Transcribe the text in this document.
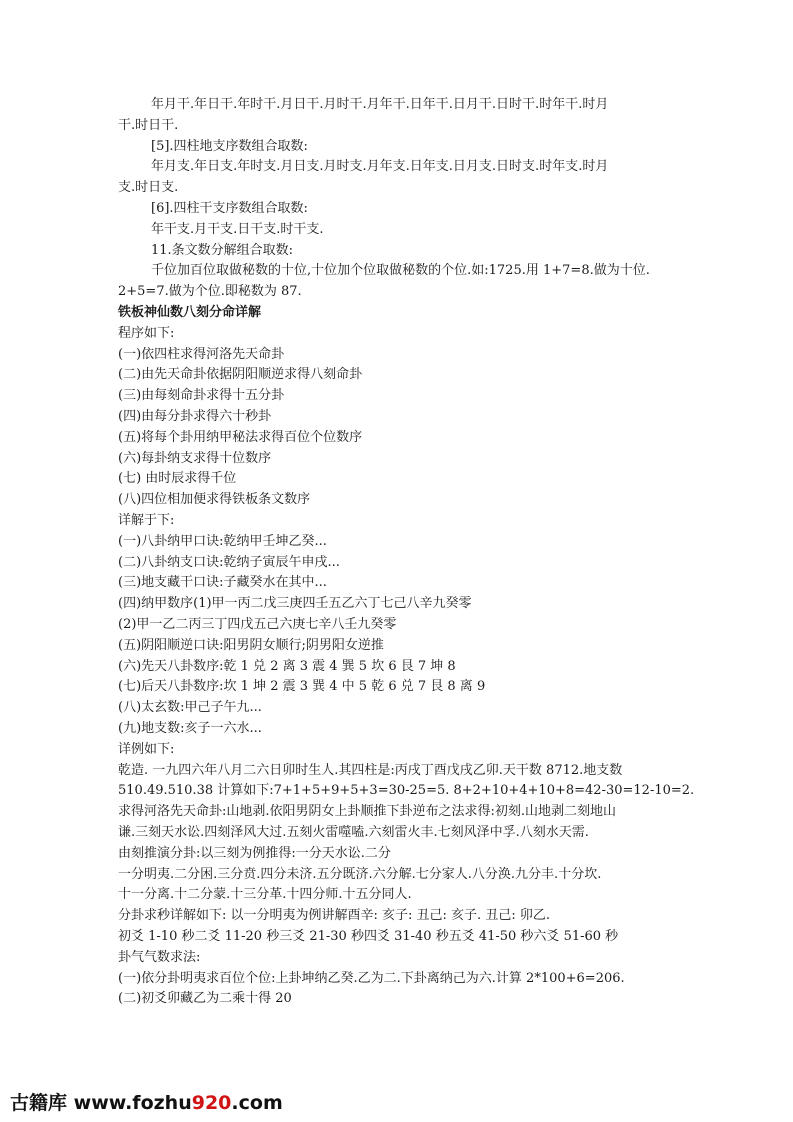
年月干.年日干.年时干.月日干.月时干.月年干.日年干.日月干.日时干.时年干.时月
干.时日干.
[5].四柱地支序数组合取数:
年月支.年日支.年时支.月日支.月时支.月年支.日年支.日月支.日时支.时年支.时月
支.时日支.
[6].四柱干支序数组合取数:
年干支.月干支.日干支.时干支.
11.条文数分解组合取数:
千位加百位取做秘数的十位,十位加个位取做秘数的个位.如:1725.用 1+7=8.做为十位.
2+5=7.做为个位.即秘数为 87.
铁板神仙数八刻分命详解
程序如下:
(一)依四柱求得河洛先天命卦
(二)由先天命卦依据阴阳顺逆求得八刻命卦
(三)由每刻命卦求得十五分卦
(四)由每分卦求得六十秒卦
(五)将每个卦用纳甲秘法求得百位个位数序
(六)每卦纳支求得十位数序
(七) 由时辰求得千位
(八)四位相加便求得铁板条文数序
详解于下:
(一)八卦纳甲口诀:乾纳甲壬坤乙癸...
(二)八卦纳支口诀:乾纳子寅辰午申戌...
(三)地支藏干口诀:子藏癸水在其中...
(四)纳甲数序(1)甲一丙二戊三庚四壬五乙六丁七己八辛九癸零
(2)甲一乙二丙三丁四戊五己六庚七辛八壬九癸零
(五)阴阳顺逆口诀:阳男阴女顺行;阴男阳女逆推
(六)先天八卦数序:乾 1 兑 2 离 3 震 4 巽 5 坎 6 艮 7 坤 8
(七)后天八卦数序:坎 1 坤 2 震 3 巽 4 中 5 乾 6 兑 7 艮 8 离 9
(八)太玄数:甲己子午九...
(九)地支数:亥子一六水...
详例如下:
乾造. 一九四六年八月二六日卯时生人.其四柱是:丙戌丁酉戊戌乙卯.天干数 8712.地支数
510.49.510.38 计算如下:7+1+5+9+5+3=30-25=5. 8+2+10+4+10+8=42-30=12-10=2.
求得河洛先天命卦:山地剥.依阳男阴女上卦顺推下卦逆布之法求得:初刻.山地剥二刻地山
谦.三刻天水讼.四刻泽风大过.五刻火雷噬嗑.六刻雷火丰.七刻风泽中孚.八刻水天需.
由刻推演分卦:以三刻为例推得:一分天水讼.二分
一分明夷.二分困.三分贲.四分未济.五分既济.六分解.七分家人.八分涣.九分丰.十分坎.
十一分离.十二分蒙.十三分革.十四分师.十五分同人.
分卦求秒详解如下: 以一分明夷为例讲解酉辛: 亥子: 丑己: 亥子. 丑己: 卯乙.
初爻 1-10 秒二爻 11-20 秒三爻 21-30 秒四爻 31-40 秒五爻 41-50 秒六爻 51-60 秒
卦气气数求法:
(一)依分卦明夷求百位个位:上卦坤纳乙癸.乙为二.下卦离纳己为六.计算 2*100+6=206.
(二)初爻卯藏乙为二乘十得 20
古籍库 www.fozhu920.com
